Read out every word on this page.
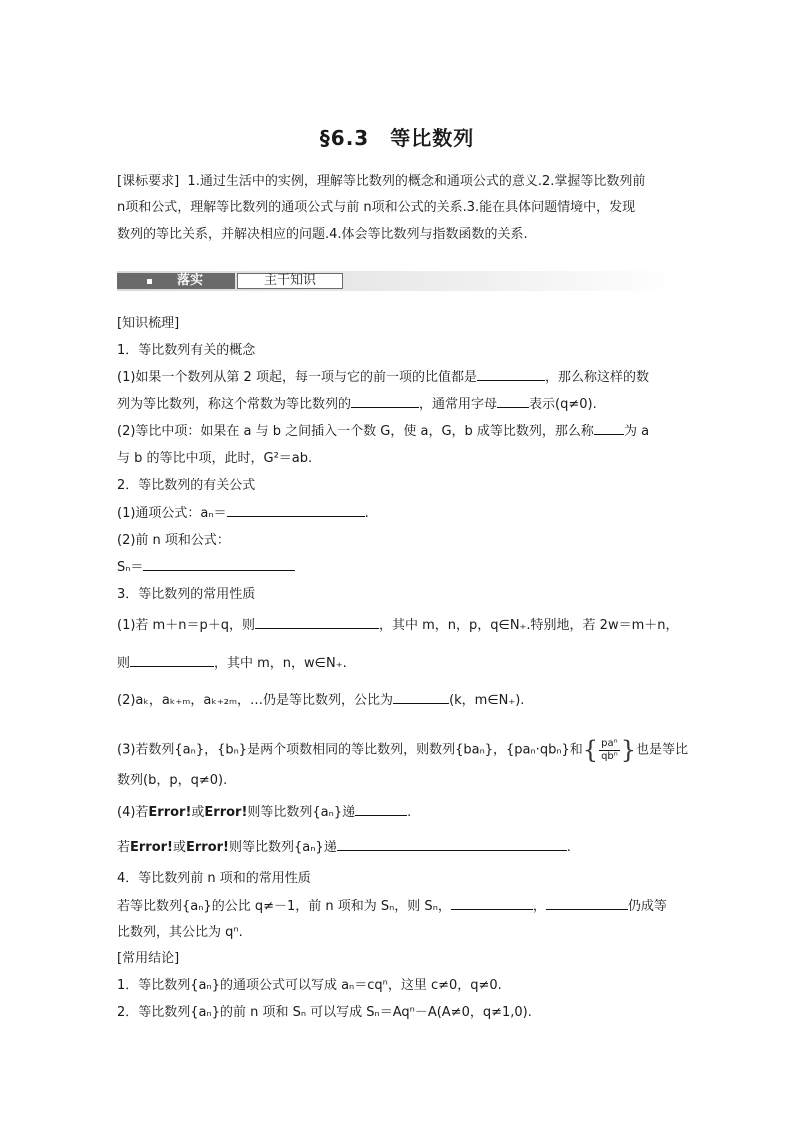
§6.3　等比数列
[课标要求] 1.通过生活中的实例，理解等比数列的概念和通项公式的意义.2.掌握等比数列前
n项和公式，理解等比数列的通项公式与前 n项和公式的关系.3.能在具体问题情境中，发现
数列的等比关系，并解决相应的问题.4.体会等比数列与指数函数的关系.
落实	主干知识
[知识梳理]
1．等比数列有关的概念
(1)如果一个数列从第 2 项起，每一项与它的前一项的比值都是	，那么称这样的数
列为等比数列，称这个常数为等比数列的	，通常用字母 表示(q≠0).
(2)等比中项：如果在 a 与 b 之间插入一个数 G，使 a，G，b 成等比数列，那么称 为 a
与 b 的等比中项，此时，G²＝ab.
2．等比数列的有关公式
(1)通项公式：aₙ＝	.
(2)前 n 项和公式：
Sₙ＝
3．等比数列的常用性质
(1)若 m＋n＝p＋q，则	，其中 m，n，p，q∈N₊.特别地，若 2w＝m＋n，
则	，其中 m，n，w∈N₊.
(2)aₖ，aₖ₊ₘ，aₖ₊₂ₘ，…仍是等比数列，公比为	(k，m∈N₊).
(3)若数列{aₙ}，{bₙ}是两个项数相同的等比数列，则数列{baₙ}，{paₙ·qbₙ}和{ $\frac{\text{paⁿ}}{\text{qbⁿ}}$ }也是等比
数列(b，p，q≠0).
(4)若Error!或Error!则等比数列{aₙ}递	.
若Error!或Error!则等比数列{aₙ}递	.
4．等比数列前 n 项和的常用性质
若等比数列{aₙ}的公比 q≠－1，前 n 项和为 Sₙ，则 Sₙ，	，	仍成等
比数列，其公比为 qⁿ.
[常用结论]
1．等比数列{aₙ}的通项公式可以写成 aₙ＝cqⁿ，这里 c≠0，q≠0.
2．等比数列{aₙ}的前 n 项和 Sₙ 可以写成 Sₙ＝Aqⁿ－A(A≠0，q≠1,0).
